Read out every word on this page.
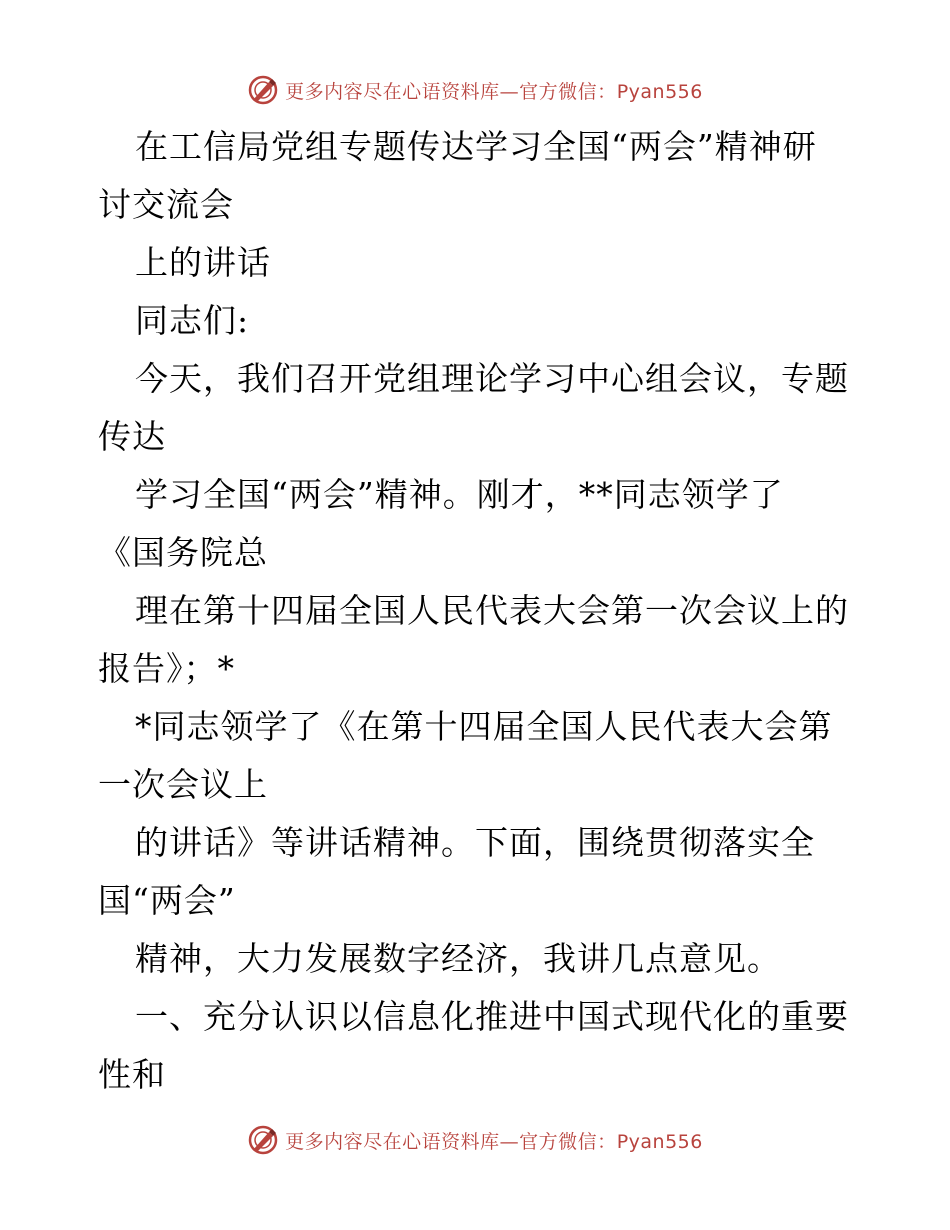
更多内容尽在心语资料库—官方微信：Pyan556

在工信局党组专题传达学习全国“两会”精神研

讨交流会

上的讲话

同志们:

今天，我们召开党组理论学习中心组会议，专题

传达

学习全国“两会”精神。刚才，**同志领学了

《国务院总

理在第十四届全国人民代表大会第一次会议上的

报告》；*

*同志领学了《在第十四届全国人民代表大会第

一次会议上

的讲话》等讲话精神。下面，围绕贯彻落实全

国“两会”

精神，大力发展数字经济，我讲几点意见。

一、充分认识以信息化推进中国式现代化的重要

性和

更多内容尽在心语资料库—官方微信：Pyan556
